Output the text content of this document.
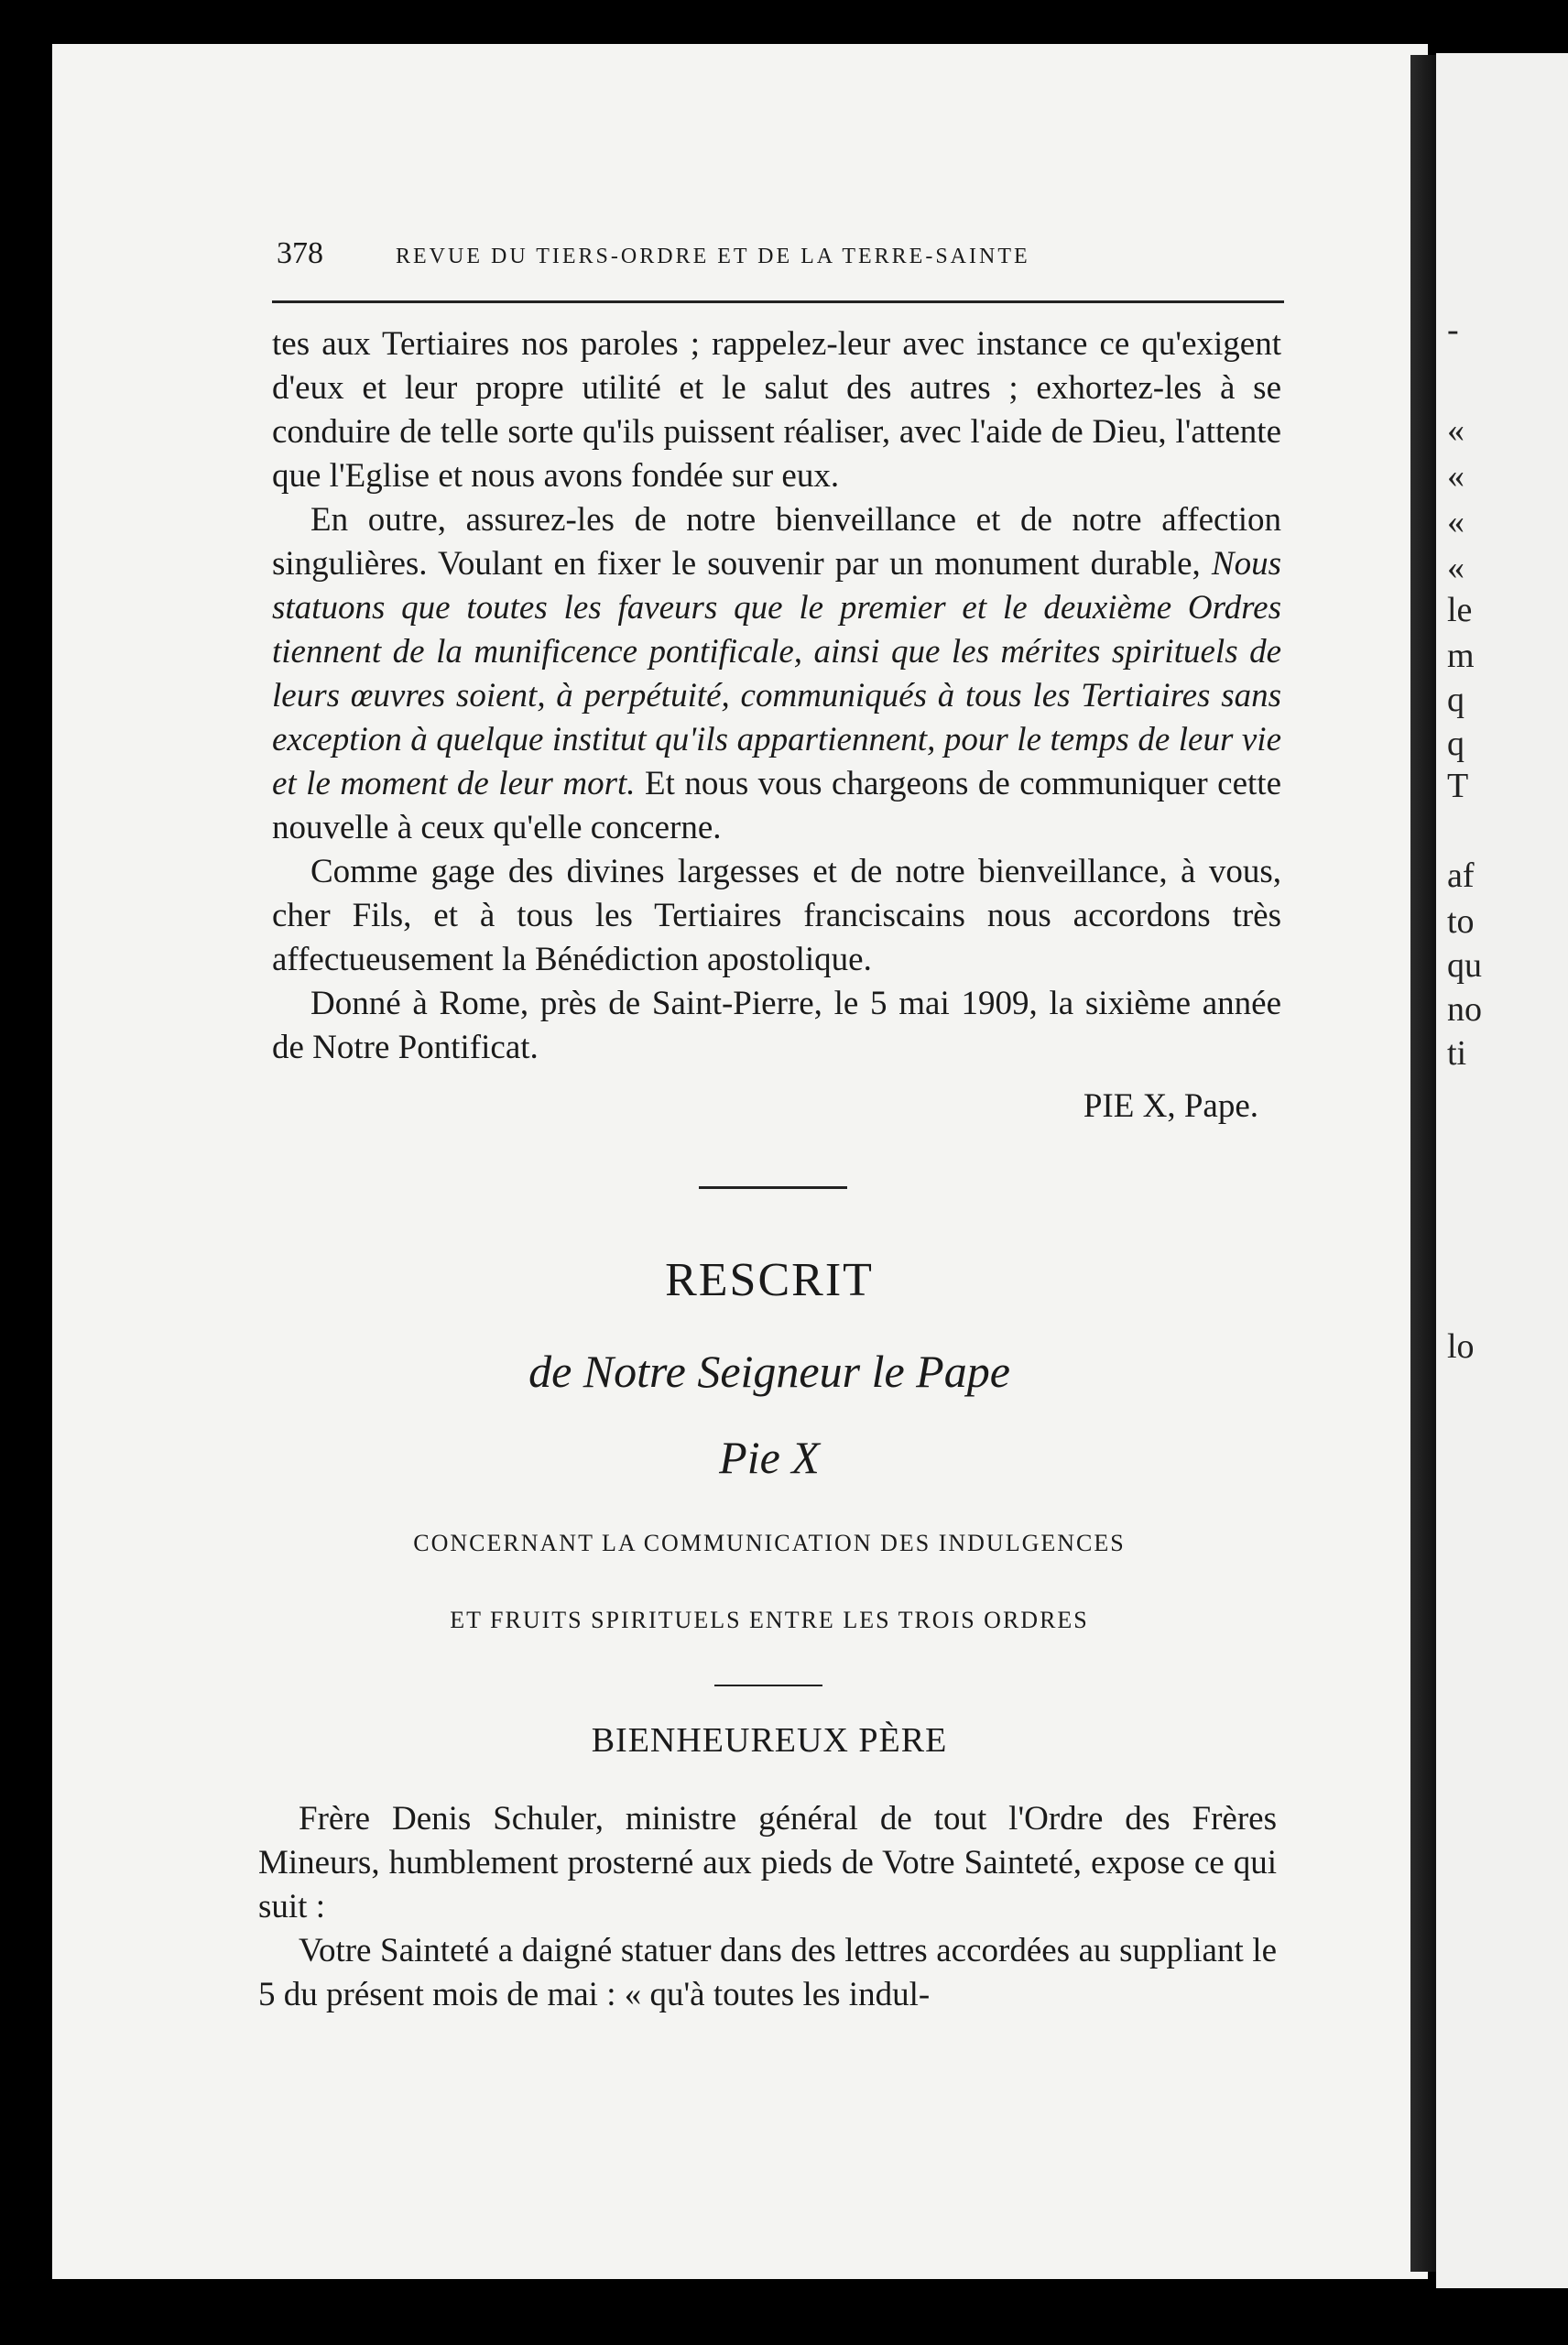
-
«
«
«
«
le
m
q
q
T
af
to
qu
no
ti
lo
378	REVUE DU TIERS-ORDRE ET DE LA TERRE-SAINTE

tes aux Tertiaires nos paroles ; rappelez-leur avec instance ce qu'exigent d'eux et leur propre utilité et le salut des autres ; exhortez-les à se conduire de telle sorte qu'ils puissent réaliser, avec l'aide de Dieu, l'attente que l'Eglise et nous avons fondée sur eux.

En outre, assurez-les de notre bienveillance et de notre affection singulières. Voulant en fixer le souvenir par un monument durable, Nous statuons que toutes les faveurs que le premier et le deuxième Ordres tiennent de la munificence pontificale, ainsi que les mérites spirituels de leurs œuvres soient, à perpétuité, communiqués à tous les Tertiaires sans exception à quelque institut qu'ils appartiennent, pour le temps de leur vie et le moment de leur mort. Et nous vous chargeons de communiquer cette nouvelle à ceux qu'elle concerne.

Comme gage des divines largesses et de notre bienveillance, à vous, cher Fils, et à tous les Tertiaires franciscains nous accordons très affectueusement la Bénédiction apostolique.

Donné à Rome, près de Saint-Pierre, le 5 mai 1909, la sixième année de Notre Pontificat.

PIE X, Pape.
RESCRIT
de Notre Seigneur le Pape
Pie X
CONCERNANT LA COMMUNICATION DES INDULGENCES
ET FRUITS SPIRITUELS ENTRE LES TROIS ORDRES
BIENHEUREUX PÈRE

Frère Denis Schuler, ministre général de tout l'Ordre des Frères Mineurs, humblement prosterné aux pieds de Votre Sainteté, expose ce qui suit :

Votre Sainteté a daigné statuer dans des lettres accordées au suppliant le 5 du présent mois de mai : « qu'à toutes les indul-
